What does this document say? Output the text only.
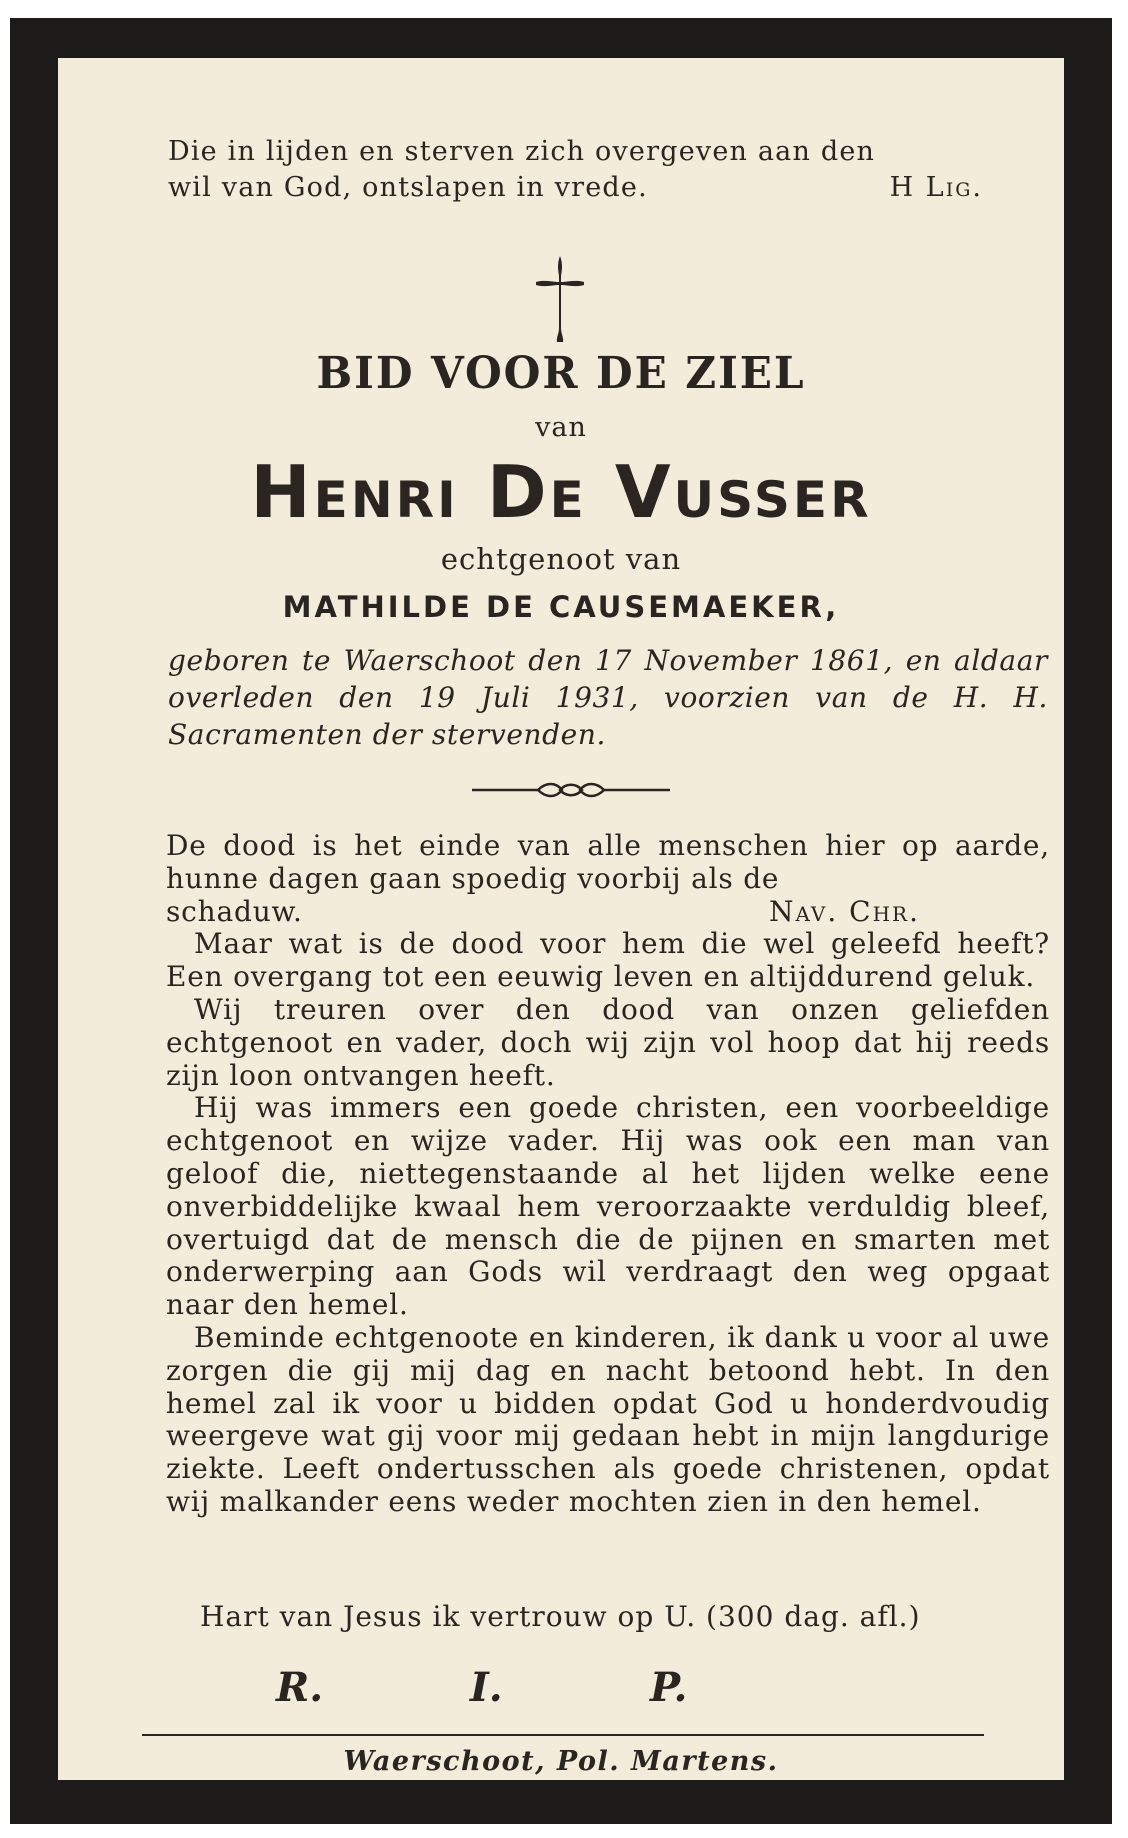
Die in lijden en sterven zich overgeven aan den
wil van God, ontslapen in vrede.	H Lig.
BID VOOR DE ZIEL
van
Henri De Vusser
echtgenoot van
MATHILDE DE CAUSEMAEKER,
geboren te Waerschoot den 17 November 1861, en aldaar overleden den 19 Juli 1931, voorzien van de H. H. Sacramenten der stervenden.

De dood is het einde van alle menschen hier op aarde, hunne dagen gaan spoedig voorbij als de

schaduw.	Nav. Chr.

Maar wat is de dood voor hem die wel geleefd heeft? Een overgang tot een eeuwig leven en altijddurend geluk.

Wij treuren over den dood van onzen geliefden echtgenoot en vader, doch wij zijn vol hoop dat hij reeds zijn loon ontvangen heeft.

Hij was immers een goede christen, een voorbeeldige echtgenoot en wijze vader. Hij was ook een man van geloof die, niettegenstaande al het lijden welke eene onverbiddelijke kwaal hem veroorzaakte verduldig bleef, overtuigd dat de mensch die de pijnen en smarten met onderwerping aan Gods wil verdraagt den weg opgaat naar den hemel.

Beminde echtgenoote en kinderen, ik dank u voor al uwe zorgen die gij mij dag en nacht betoond hebt. In den hemel zal ik voor u bidden opdat God u honderdvoudig weergeve wat gij voor mij gedaan hebt in mijn langdurige ziekte. Leeft ondertusschen als goede christenen, opdat wij malkander eens weder mochten zien in den hemel.

Hart van Jesus ik vertrouw op U. (300 dag. afl.)
R.	I.	P.
Waerschoot, Pol. Martens.
